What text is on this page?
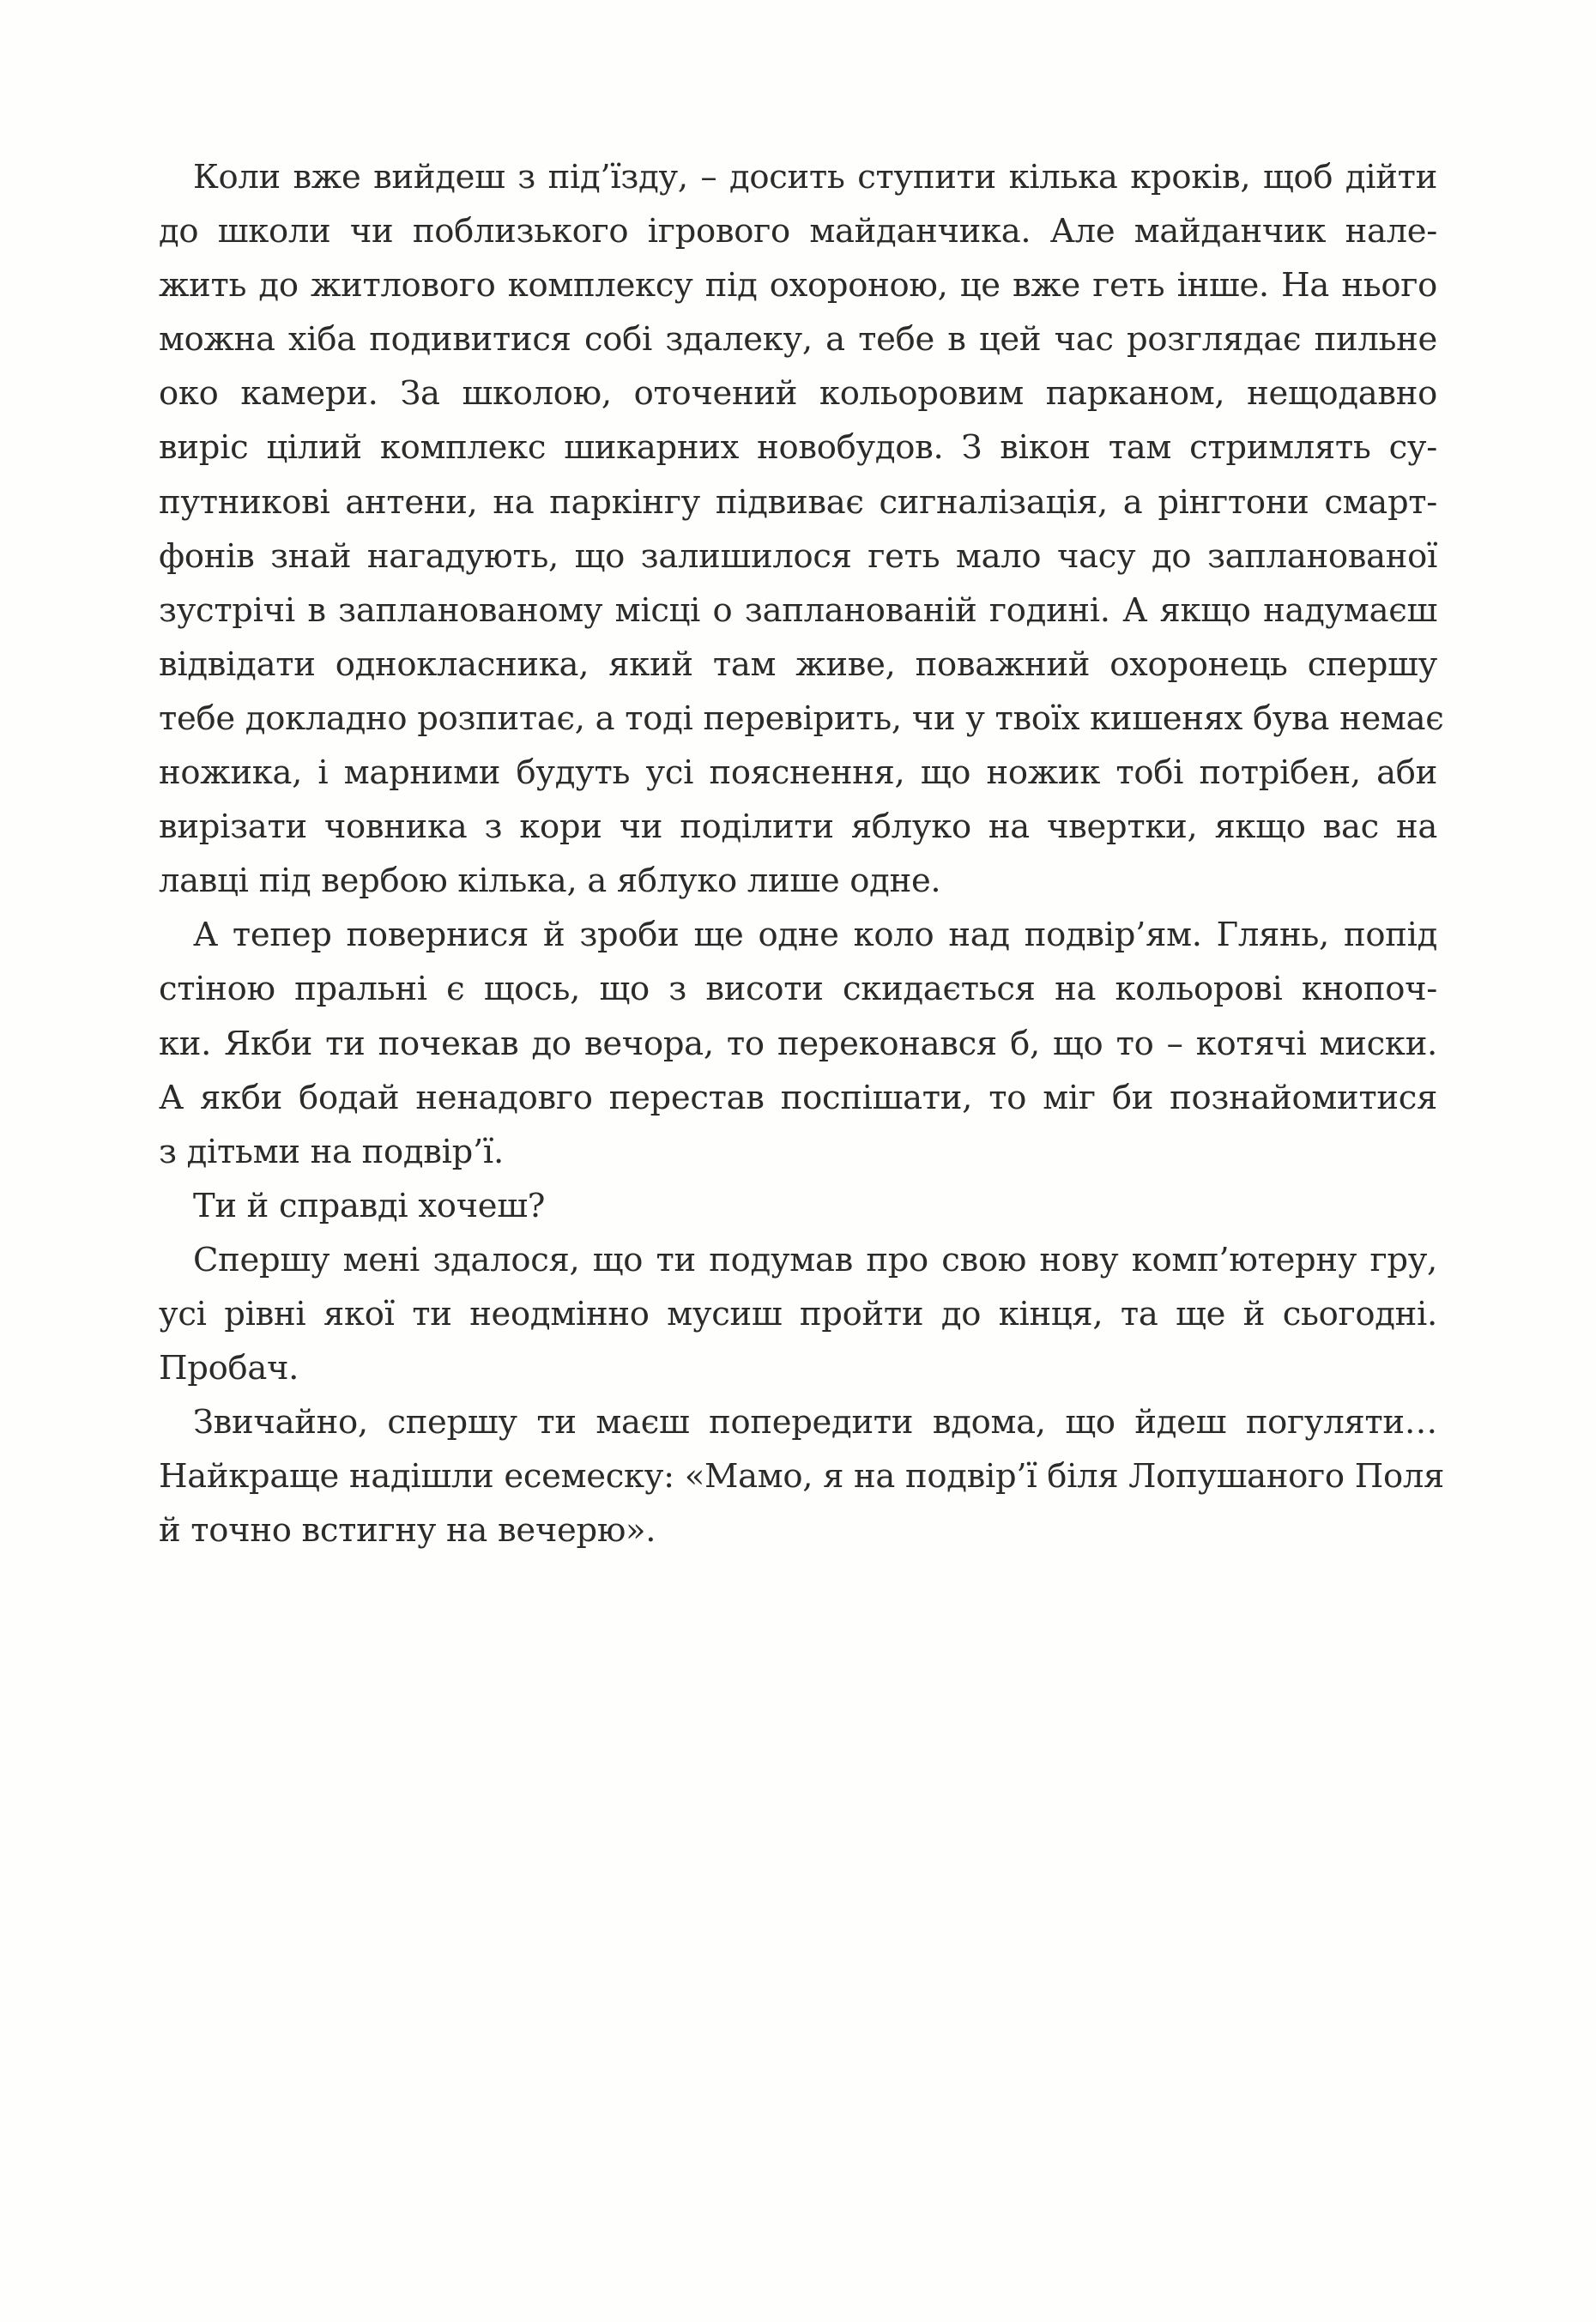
Коли вже вийдеш з під’їзду, – досить ступити кілька кроків, щоб дійти
до школи чи поблизького ігрового майданчика. Але майданчик нале-
жить до житлового комплексу під охороною, це вже геть інше. На нього
можна хіба подивитися собі здалеку, а тебе в цей час розглядає пильне
око камери. За школою, оточений кольоровим парканом, нещодавно
виріс цілий комплекс шикарних новобудов. З вікон там стримлять су-
путникові антени, на паркінгу підвиває сигналізація, а рінгтони смарт-
фонів знай нагадують, що залишилося геть мало часу до запланованої
зустрічі в запланованому місці о запланованій годині. А якщо надумаєш
відвідати однокласника, який там живе, поважний охоронець спершу
тебе докладно розпитає, а тоді перевірить, чи у твоїх кишенях бува немає
ножика, і марними будуть усі пояснення, що ножик тобі потрібен, аби
вирізати човника з кори чи поділити яблуко на чвертки, якщо вас на
лавці під вербою кілька, а яблуко лише одне.
А тепер повернися й зроби ще одне коло над подвір’ям. Глянь, попід
стіною пральні є щось, що з висоти скидається на кольорові кнопоч-
ки. Якби ти почекав до вечора, то переконався б, що то – котячі миски.
А якби бодай ненадовго перестав поспішати, то міг би познайомитися
з дітьми на подвір’ї.
Ти й справді хочеш?
Спершу мені здалося, що ти подумав про свою нову комп’ютерну гру,
усі рівні якої ти неодмінно мусиш пройти до кінця, та ще й сьогодні.
Пробач.
Звичайно, спершу ти маєш попередити вдома, що йдеш погуляти…
Найкраще надішли есемеску: «Мамо, я на подвір’ї біля Лопушаного Поля
й точно встигну на вечерю».
